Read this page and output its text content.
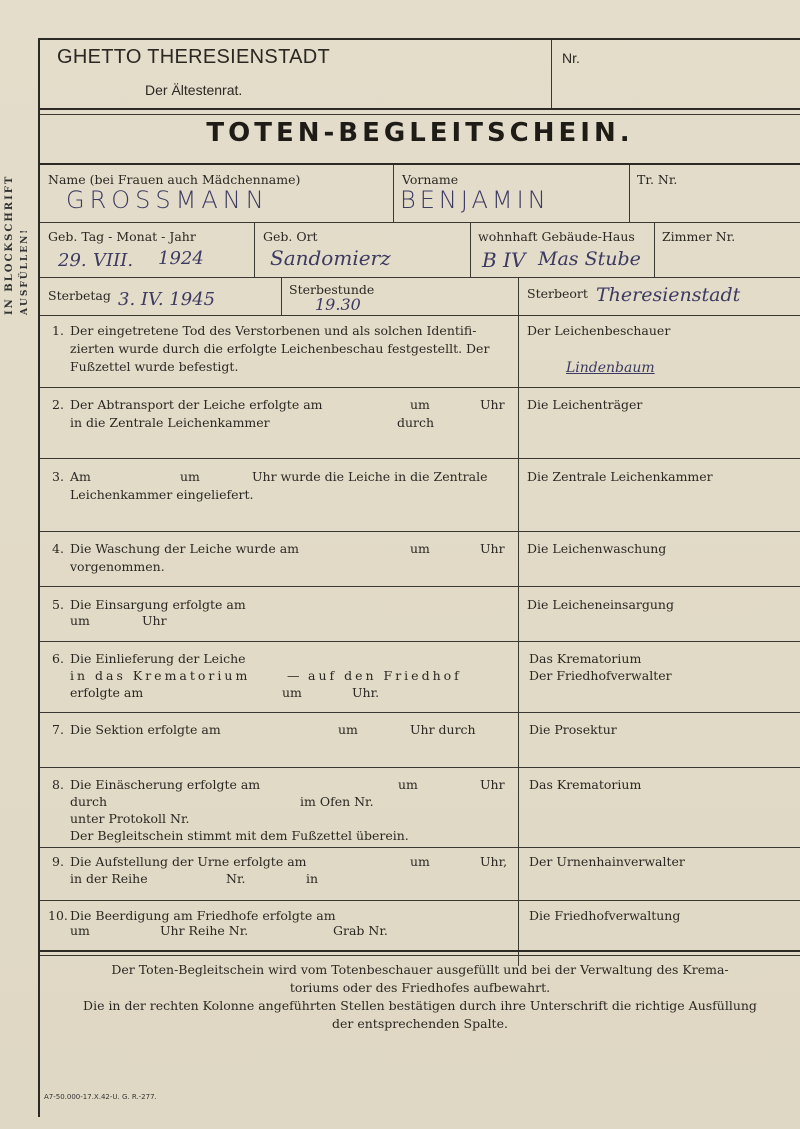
IN BLOCKSCHRIFT AUSFÜLLEN!
GHETTO THERESIENSTADT
Der Ältestenrat.
Nr.
TOTEN-BEGLEITSCHEIN.
Name (bei Frauen auch Mädchenname)
GROSSMANN
Vorname
BENJAMIN
Tr. Nr.
Geb. Tag - Monat - Jahr
29. VIII. 1924
Geb. Ort
Sandomierz
wohnhaft Gebäude-Haus
B IV Mas Stube
Zimmer Nr.
Sterbetag 3. IV. 1945	Sterbestunde
19.30
Sterbeort Theresienstadt
1. Der eingetretene Tod des Verstorbenen und als solchen Identifi-
zierten wurde durch die erfolgte Leichenbeschau festgestellt. Der
Fußzettel wurde befestigt.
Der Leichenbeschauer
Lindenbaum
2. Der Abtransport der Leiche erfolgte am	um	Uhr
in die Zentrale Leichenkammer	durch
Die Leichenträger
3. Am	um	Uhr wurde die Leiche in die Zentrale
Leichenkammer eingeliefert.
Die Zentrale Leichenkammer
4. Die Waschung der Leiche wurde am	um	Uhr
vorgenommen.
Die Leichenwaschung
5. Die Einsargung erfolgte am
um	Uhr
Die Leicheneinsargung
6. Die Einlieferung der Leiche
in das Krematorium	— auf den Friedhof
erfolgte am	um	Uhr.
Das Krematorium
Der Friedhofverwalter
7. Die Sektion erfolgte am	um	Uhr durch	Die Prosektur
8. Die Einäscherung erfolgte am	um	Uhr
durch	im Ofen Nr.
unter Protokoll Nr.
Der Begleitschein stimmt mit dem Fußzettel überein.
Das Krematorium
9. Die Aufstellung der Urne erfolgte am	um	Uhr,
in der Reihe	Nr.	in
Der Urnenhainverwalter
10. Die Beerdigung am Friedhofe erfolgte am
um	Uhr Reihe Nr.	Grab Nr.
Die Friedhofverwaltung
Der Toten-Begleitschein wird vom Totenbeschauer ausgefüllt und bei der Verwaltung des Krema-
toriums oder des Friedhofes aufbewahrt.
Die in der rechten Kolonne angeführten Stellen bestätigen durch ihre Unterschrift die richtige Ausfüllung
der entsprechenden Spalte.
A7-50.000-17.X.42-U. G. R.-277.
